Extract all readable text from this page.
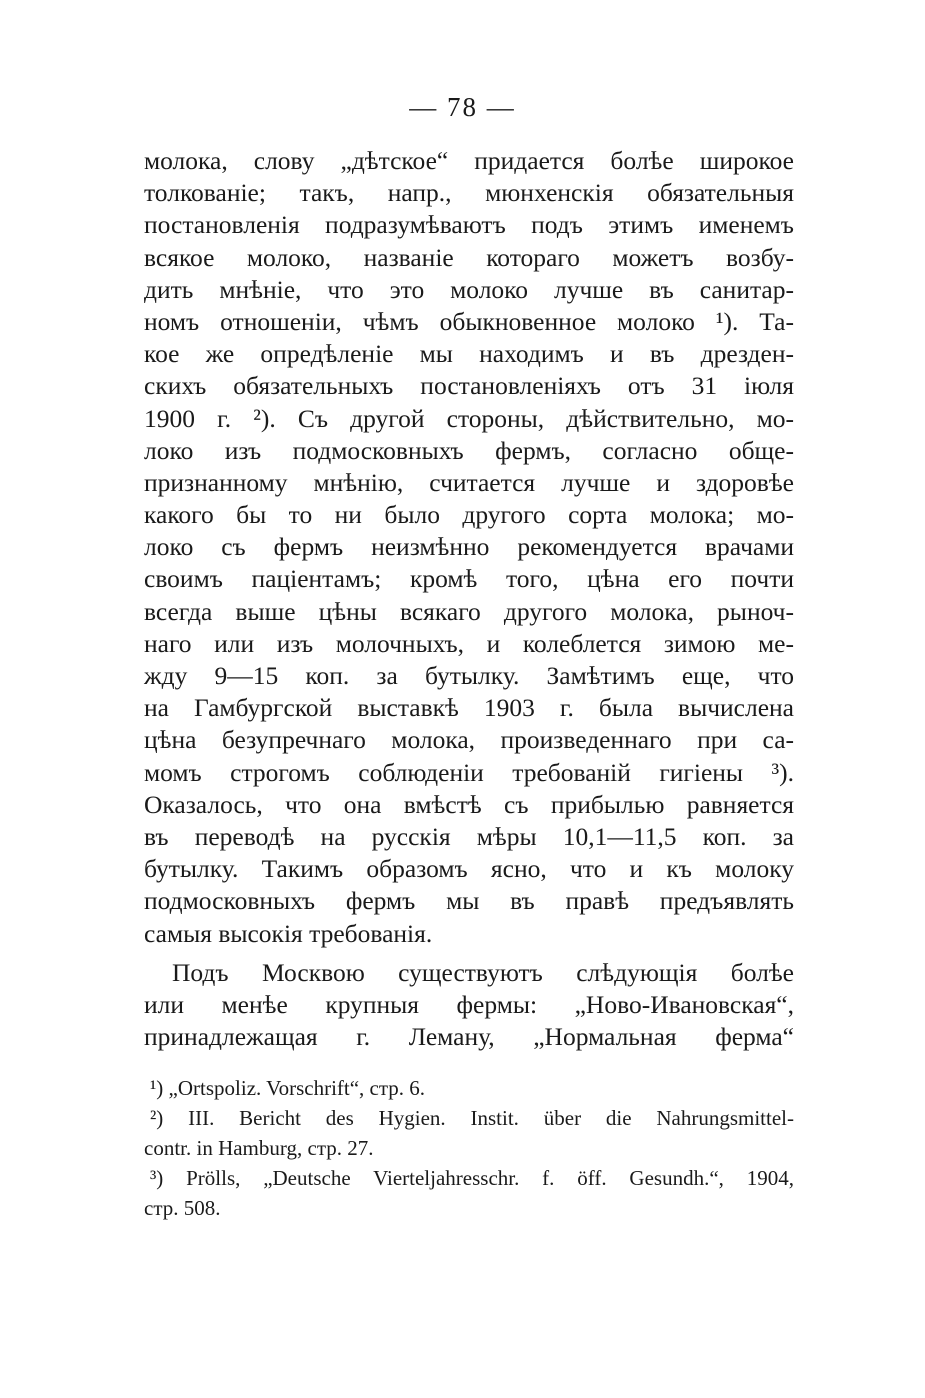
— 78 —
молока, слову „дѣтское“ придается болѣе широкое
толкованіе; такъ, напр., мюнхенскія обязательныя
постановленія подразумѣваютъ подъ этимъ именемъ
всякое молоко, названіе котораго можетъ возбу-
дить мнѣніе, что это молоко лучше въ санитар-
номъ отношеніи, чѣмъ обыкновенное молоко ¹). Та-
кое же опредѣленіе мы находимъ и въ дрезден-
скихъ обязательныхъ постановленіяхъ отъ 31 іюля
1900 г. ²). Съ другой стороны, дѣйствительно, мо-
локо изъ подмосковныхъ фермъ, согласно обще-
признанному мнѣнію, считается лучше и здоровѣе
какого бы то ни было другого сорта молока; мо-
локо съ фермъ неизмѣнно рекомендуется врачами
своимъ паціентамъ; кромѣ того, цѣна его почти
всегда выше цѣны всякаго другого молока, рыноч-
наго или изъ молочныхъ, и колеблется зимою ме-
жду 9—15 коп. за бутылку. Замѣтимъ еще, что
на Гамбургской выставкѣ 1903 г. была вычислена
цѣна безупречнаго молока, произведеннаго при са-
момъ строгомъ соблюденіи требованій гигіены ³).
Оказалось, что она вмѣстѣ съ прибылью равняется
въ переводѣ на русскія мѣры 10,1—11,5 коп. за
бутылку. Такимъ образомъ ясно, что и къ молоку
подмосковныхъ фермъ мы въ правѣ предъявлять
самыя высокія требованія.
Подъ Москвою существуютъ слѣдующія болѣе
или менѣе крупныя фермы: „Ново-Ивановская“,
принадлежащая г. Леману, „Нормальная ферма“
¹) „Ortspoliz. Vorschrift“, стр. 6.
²) III. Bericht des Hygien. Instit. über die Nahrungsmittel-
contr. in Hamburg, стр. 27.
³) Prölls, „Deutsche Vierteljahresschr. f. öff. Gesundh.“, 1904,
стр. 508.
